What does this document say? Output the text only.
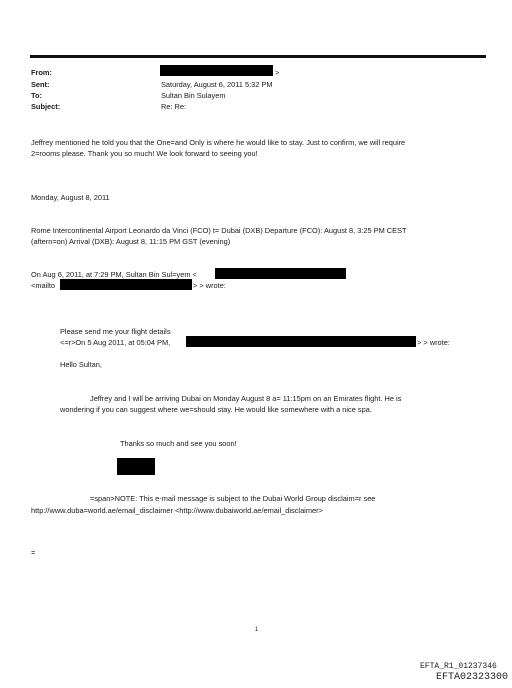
From:
Sent:
To:
Subject:
>
Saturday, August 6, 2011 5:32 PM
Sultan Bin Sulayem
Re: Re:
Jeffrey mentioned he told you that the One=and Only is where he would like to stay. Just to confirm, we will require
2=rooms please. Thank you so much! We look forward to seeing you!
Monday, August 8, 2011
Rome Intercontinental Airport Leonardo da Vinci (FCO) t= Dubai (DXB) Departure (FCO): August 8, 3:25 PM CEST
(aftern=on) Arrival (DXB): August 8, 11:15 PM GST (evening)
On Aug 6, 2011, at 7:29 PM, Sultan Bin Sul=yem <
<mailto	> > wrote:
Please send me your flight details
<=r>On 5 Aug 2011, at 05:04 PM,	> > wrote:
Hello Sultan,
Jeffrey and I will be arriving Dubai on Monday August 8 a= 11:15pm on an Emirates flight. He is
wondering if you can suggest where we=should stay. He would like somewhere with a nice spa.
Thanks so much and see you soon!
=span>NOTE: This e-mail message is subject to the Dubai World Group disclaim=r see
http://www.duba=world.ae/email_disclaimer <http://www.dubaiworld.ae/email_disclaimer>
=
1
EFTA_R1_01237346
EFTA02323300
